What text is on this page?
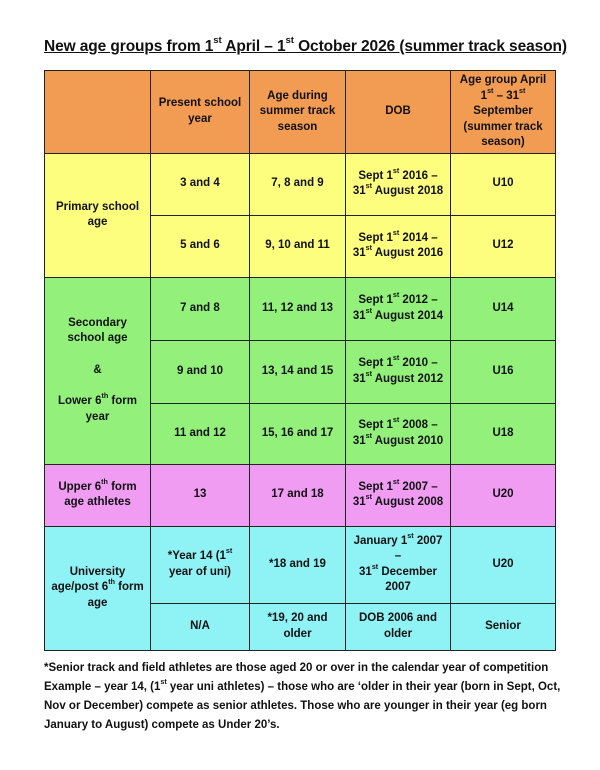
New age groups from 1st April – 1st October 2026 (summer track season)
	Present school year	Age during summer track season	DOB	Age group April 1st – 31st September (summer track season)
Primary school age	3 and 4	7, 8 and 9	Sept 1st 2016 –
31st August 2018	U10
	5 and 6	9, 10 and 11	Sept 1st 2014 –
31st August 2016	U12
Secondary school age
&
Lower 6th form year	7 and 8	11, 12 and 13	Sept 1st 2012 –
31st August 2014	U14
	9 and 10	13, 14 and 15	Sept 1st 2010 –
31st August 2012	U16
	11 and 12	15, 16 and 17	Sept 1st 2008 –
31st August 2010	U18
Upper 6th form age athletes	13	17 and 18	Sept 1st 2007 –
31st August 2008	U20
University age/post 6th form age	*Year 14 (1st year of uni)	*18 and 19	January 1st 2007 –
31st December 2007	U20
	N/A	*19, 20 and older	DOB 2006 and older	Senior
*Senior track and field athletes are those aged 20 or over in the calendar year of competition
Example – year 14, (1st year uni athletes) – those who are ‘older in their year (born in Sept, Oct, Nov or December) compete as senior athletes. Those who are younger in their year (eg born January to August) compete as Under 20’s.
